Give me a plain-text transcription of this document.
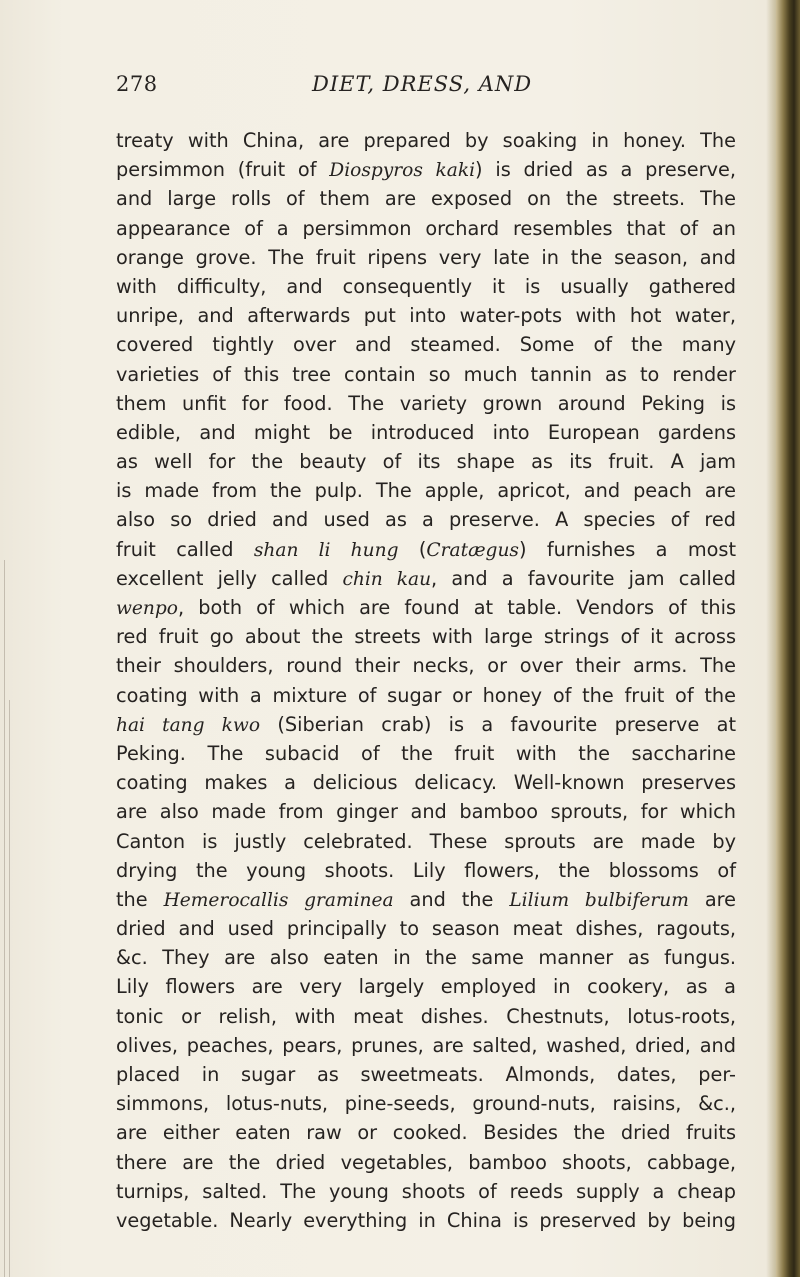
278	DIET, DRESS, AND
treaty with China, are prepared by soaking in honey. The
persimmon (fruit of Diospyros kaki) is dried as a preserve,
and large rolls of them are exposed on the streets. The
appearance of a persimmon orchard resembles that of an
orange grove. The fruit ripens very late in the season, and
with difficulty, and consequently it is usually gathered
unripe, and afterwards put into water-pots with hot water,
covered tightly over and steamed. Some of the many
varieties of this tree contain so much tannin as to render
them unfit for food. The variety grown around Peking is
edible, and might be introduced into European gardens
as well for the beauty of its shape as its fruit. A jam
is made from the pulp. The apple, apricot, and peach are
also so dried and used as a preserve. A species of red
fruit called shan li hung (Cratægus) furnishes a most
excellent jelly called chin kau, and a favourite jam called
wenpo, both of which are found at table. Vendors of this
red fruit go about the streets with large strings of it across
their shoulders, round their necks, or over their arms. The
coating with a mixture of sugar or honey of the fruit of the
hai tang kwo (Siberian crab) is a favourite preserve at
Peking. The subacid of the fruit with the saccharine
coating makes a delicious delicacy. Well-known preserves
are also made from ginger and bamboo sprouts, for which
Canton is justly celebrated. These sprouts are made by
drying the young shoots. Lily flowers, the blossoms of
the Hemerocallis graminea and the Lilium bulbiferum are
dried and used principally to season meat dishes, ragouts,
&c. They are also eaten in the same manner as fungus.
Lily flowers are very largely employed in cookery, as a
tonic or relish, with meat dishes. Chestnuts, lotus-roots,
olives, peaches, pears, prunes, are salted, washed, dried, and
placed in sugar as sweetmeats. Almonds, dates, per-
simmons, lotus-nuts, pine-seeds, ground-nuts, raisins, &c.,
are either eaten raw or cooked. Besides the dried fruits
there are the dried vegetables, bamboo shoots, cabbage,
turnips, salted. The young shoots of reeds supply a cheap
vegetable. Nearly everything in China is preserved by being
